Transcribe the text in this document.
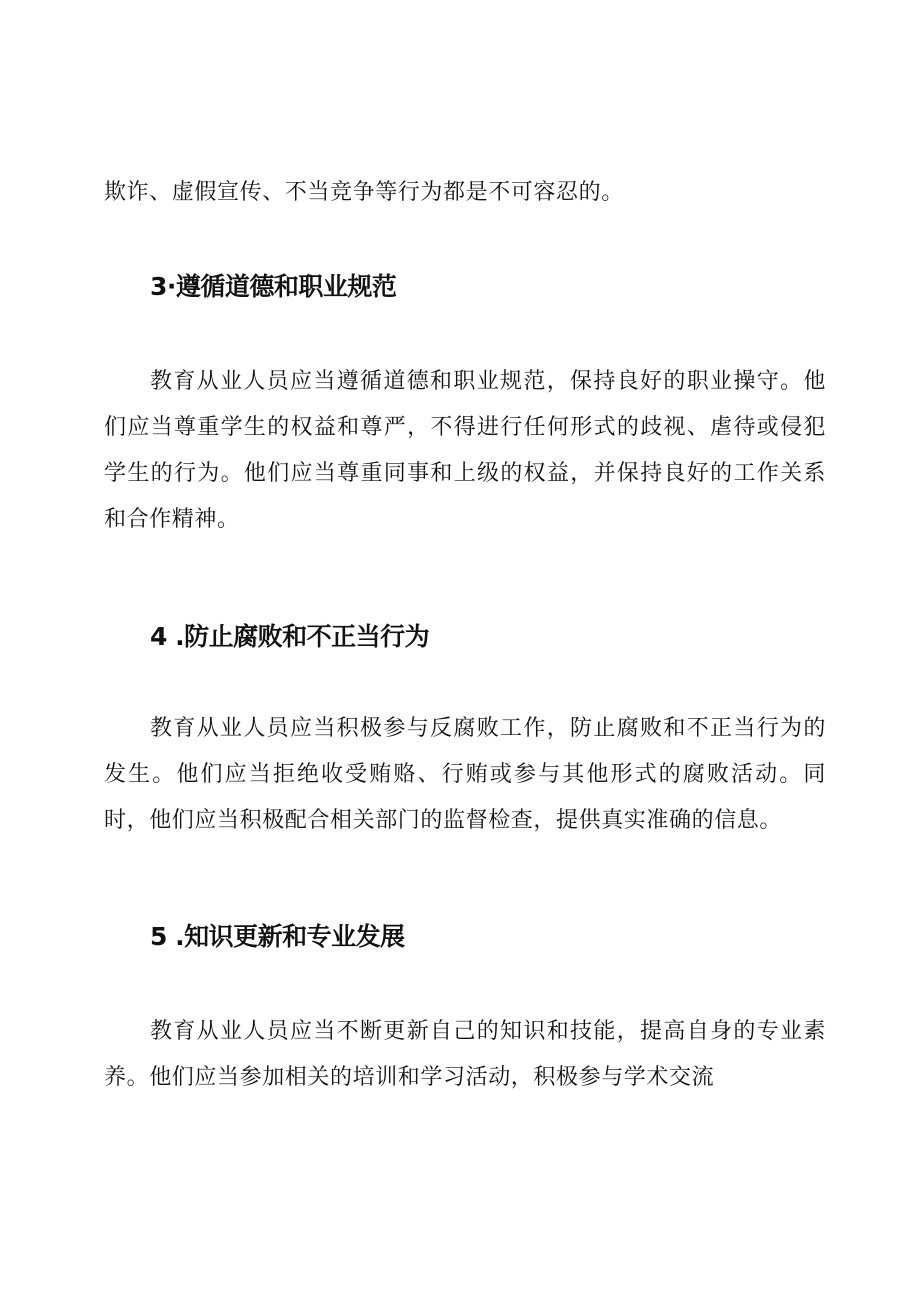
欺诈、虚假宣传、不当竞争等行为都是不可容忍的。

3·遵循道德和职业规范

教育从业人员应当遵循道德和职业规范，保持良好的职业操守。他们应当尊重学生的权益和尊严，不得进行任何形式的歧视、虐待或侵犯学生的行为。他们应当尊重同事和上级的权益，并保持良好的工作关系和合作精神。

4 .防止腐败和不正当行为

教育从业人员应当积极参与反腐败工作，防止腐败和不正当行为的发生。他们应当拒绝收受贿赂、行贿或参与其他形式的腐败活动。同时，他们应当积极配合相关部门的监督检查，提供真实准确的信息。

5 .知识更新和专业发展

教育从业人员应当不断更新自己的知识和技能，提高自身的专业素养。他们应当参加相关的培训和学习活动，积极参与学术交流
